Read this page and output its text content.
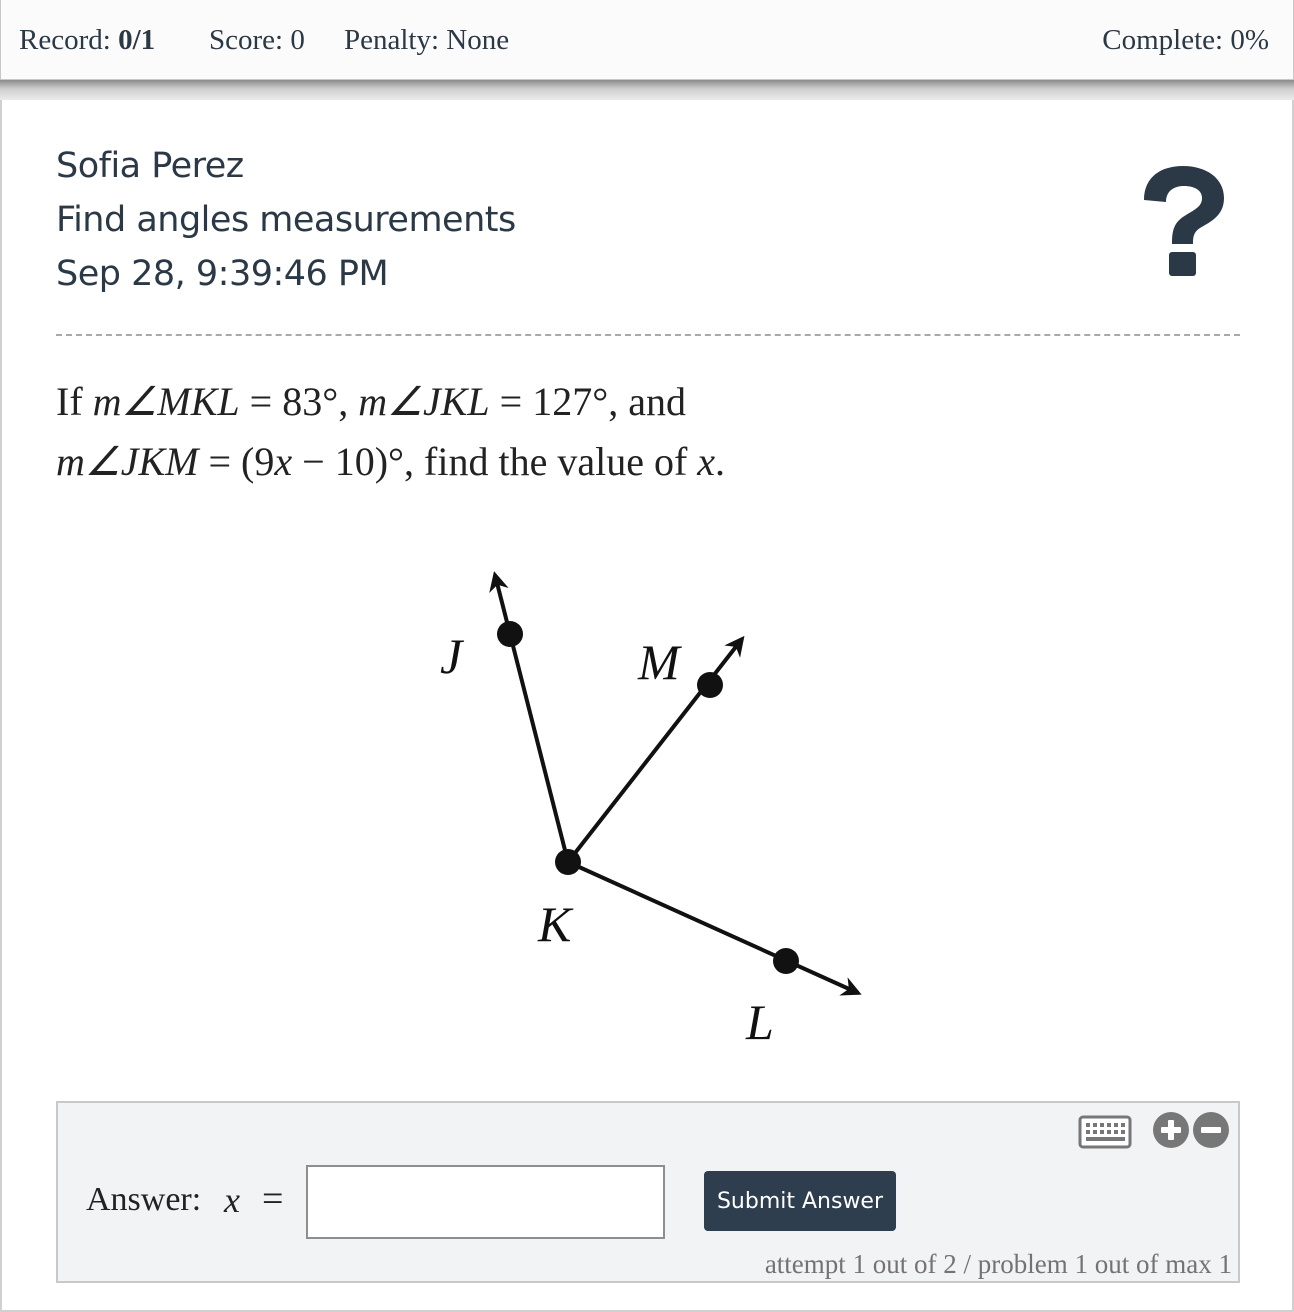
Record: 0/1 Score: 0 Penalty: None	Complete: 0%
Sofia Perez
Find angles measurements
Sep 28, 9:39:46 PM
If m∠MKL = 83°, m∠JKL = 127°, and
m∠JKM = (9x − 10)°, find the value of x.
J	M
K
L
Answer: x =	Submit Answer
attempt 1 out of 2 / problem 1 out of max 1
